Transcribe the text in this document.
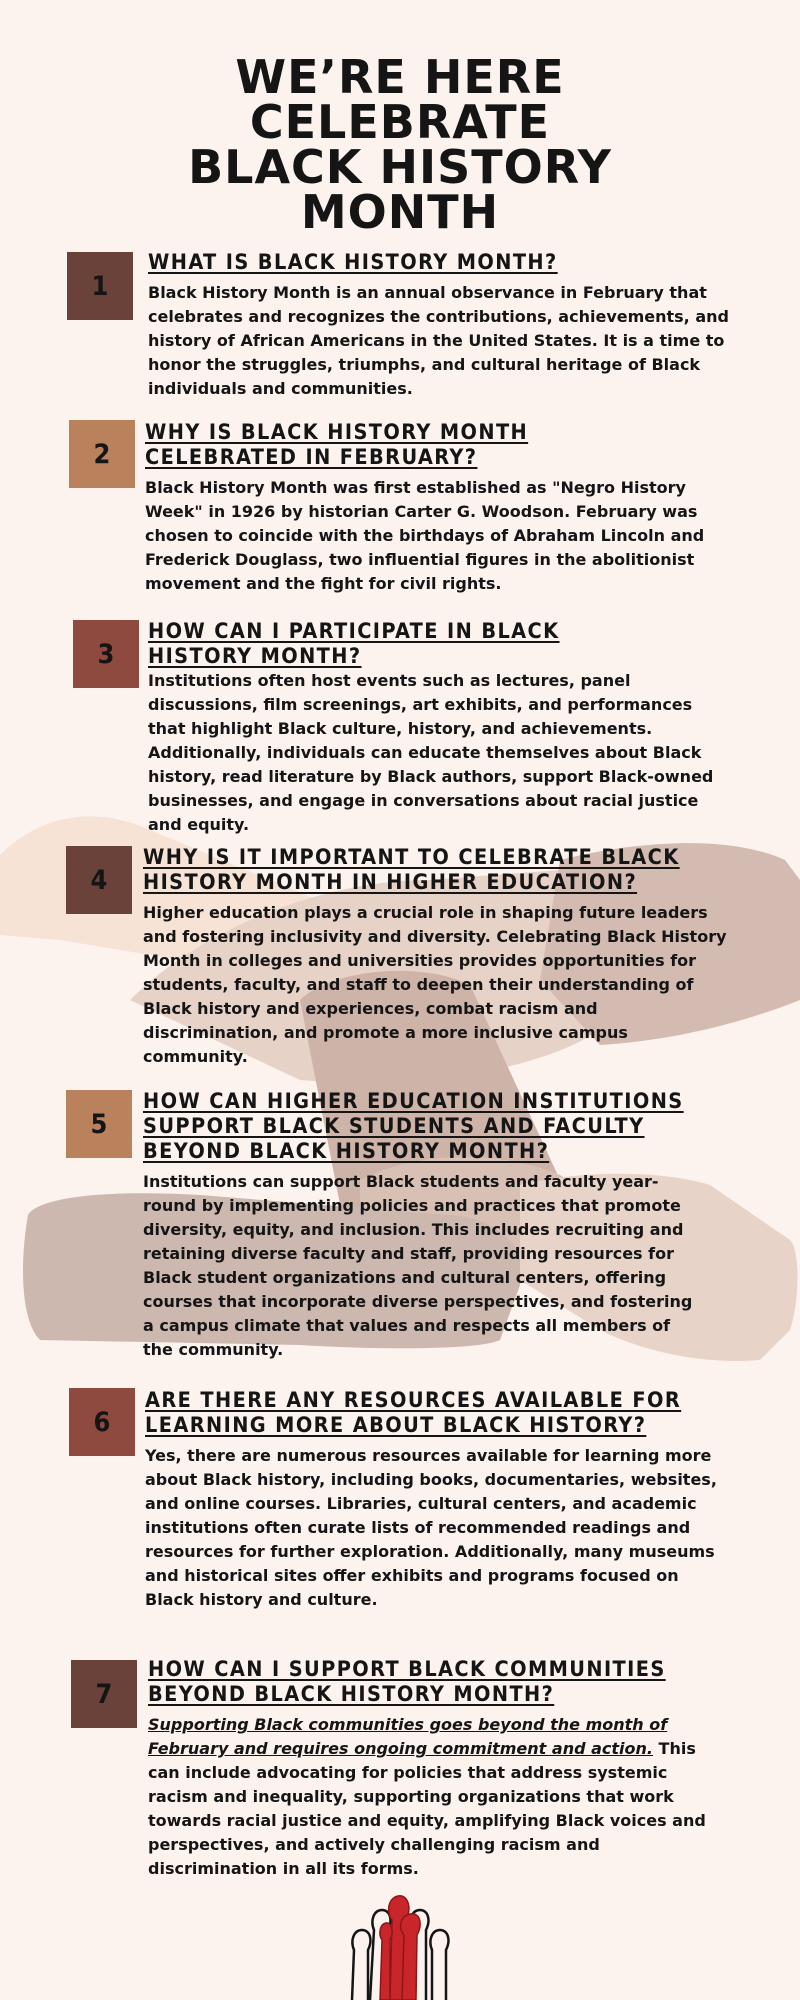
WE’RE HERE
CELEBRATE
BLACK HISTORY
MONTH
1
WHAT IS BLACK HISTORY MONTH?

Black History Month is an annual observance in February that celebrates and recognizes the contributions, achievements, and history of African Americans in the United States. It is a time to honor the struggles, triumphs, and cultural heritage of Black individuals and communities.

2
WHY IS BLACK HISTORY MONTH CELEBRATED IN FEBRUARY?

Black History Month was first established as "Negro History Week" in 1926 by historian Carter G. Woodson. February was chosen to coincide with the birthdays of Abraham Lincoln and Frederick Douglass, two influential figures in the abolitionist movement and the fight for civil rights.

3
HOW CAN I PARTICIPATE IN BLACK HISTORY MONTH?

Institutions often host events such as lectures, panel discussions, film screenings, art exhibits, and performances that highlight Black culture, history, and achievements. Additionally, individuals can educate themselves about Black history, read literature by Black authors, support Black-owned businesses, and engage in conversations about racial justice and equity.

4
WHY IS IT IMPORTANT TO CELEBRATE BLACK HISTORY MONTH IN HIGHER EDUCATION?

Higher education plays a crucial role in shaping future leaders and fostering inclusivity and diversity. Celebrating Black History Month in colleges and universities provides opportunities for students, faculty, and staff to deepen their understanding of Black history and experiences, combat racism and discrimination, and promote a more inclusive campus community.

5
HOW CAN HIGHER EDUCATION INSTITUTIONS SUPPORT BLACK STUDENTS AND FACULTY BEYOND BLACK HISTORY MONTH?

Institutions can support Black students and faculty year-round by implementing policies and practices that promote diversity, equity, and inclusion. This includes recruiting and retaining diverse faculty and staff, providing resources for Black student organizations and cultural centers, offering courses that incorporate diverse perspectives, and fostering a campus climate that values and respects all members of the community.

6
ARE THERE ANY RESOURCES AVAILABLE FOR LEARNING MORE ABOUT BLACK HISTORY?

Yes, there are numerous resources available for learning more about Black history, including books, documentaries, websites, and online courses. Libraries, cultural centers, and academic institutions often curate lists of recommended readings and resources for further exploration. Additionally, many museums and historical sites offer exhibits and programs focused on Black history and culture.

7
HOW CAN I SUPPORT BLACK COMMUNITIES BEYOND BLACK HISTORY MONTH?

Supporting Black communities goes beyond the month of February and requires ongoing commitment and action. This can include advocating for policies that address systemic racism and inequality, supporting organizations that work towards racial justice and equity, amplifying Black voices and perspectives, and actively challenging racism and discrimination in all its forms.
